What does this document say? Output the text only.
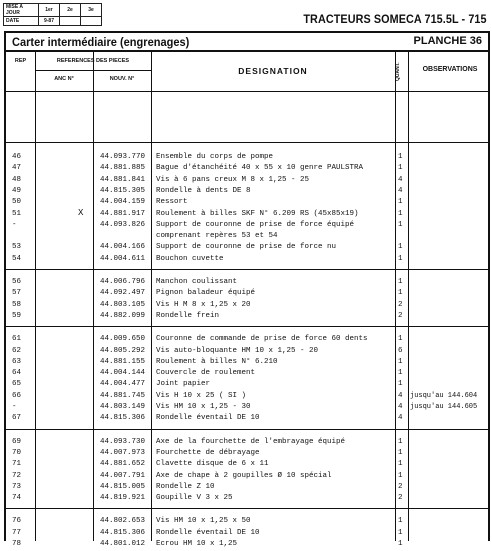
MISE A JOUR	1er	2e	3e
DATE	9-87			TRACTEURS SOMECA 715.5L - 715
Carter intermédiaire (engrenages)	PLANCHE 36
REP	REFERENCES DES PIECES
ANC N°	NOUV. N°
DESIGNATION	QUANT.	OBSERVATIONS
46	44.093.770 Ensemble du corps de pompe	1
47	44.881.885 Bague d'étanchéité 40 x 55 x 10 genre PAULSTRA	1
48	44.881.841 Vis à 6 pans creux M 8 x 1,25 - 25	4
49	44.815.305 Rondelle à dents DE 8	4
50	44.004.159 Ressort	1
51	X 44.881.917 Roulement à billes SKF N° 6.209 RS (45x85x19)	1
-	44.093.826 Support de couronne de prise de force équipé	1
comprenant repères 53 et 54
53	44.004.166 Support de couronne de prise de force nu	1
54	44.004.611 Bouchon cuvette	1
56	44.006.796 Manchon coulissant	1
57	44.092.497 Pignon baladeur équipé	1
58	44.803.105 Vis H M 8 x 1,25 x 20	2
59	44.882.099 Rondelle frein	2
61	44.009.650 Couronne de commande de prise de force 60 dents	1
62	44.805.292 Vis auto-bloquante HM 10 x 1,25 - 20	6
63	44.881.155 Roulement à billes N° 6.210	1
64	44.004.144 Couvercle de roulement	1
65	44.004.477 Joint papier	1
66	44.881.745 Vis H 10 x 25 ( SI )	4 jusqu'au 144.604
-	44.803.149 Vis HM 10 x 1,25 - 30	4 jusqu'au 144.605
67	44.815.306 Rondelle éventail DE 10	4
69	44.093.730 Axe de la fourchette de l'embrayage équipé	1
70	44.007.973 Fourchette de débrayage	1
71	44.881.652 Clavette disque de 6 x 11	1
72	44.007.791 Axe de chape à 2 goupilles Ø 10 spécial	1
73	44.815.005 Rondelle Z 10	2
74	44.819.921 Goupille V 3 x 25	2
76	44.802.653 Vis HM 10 x 1,25 x 50	1
77	44.815.306 Rondelle éventail DE 10	1
78	44.801.012 Ecrou HM 10 x 1,25	1
